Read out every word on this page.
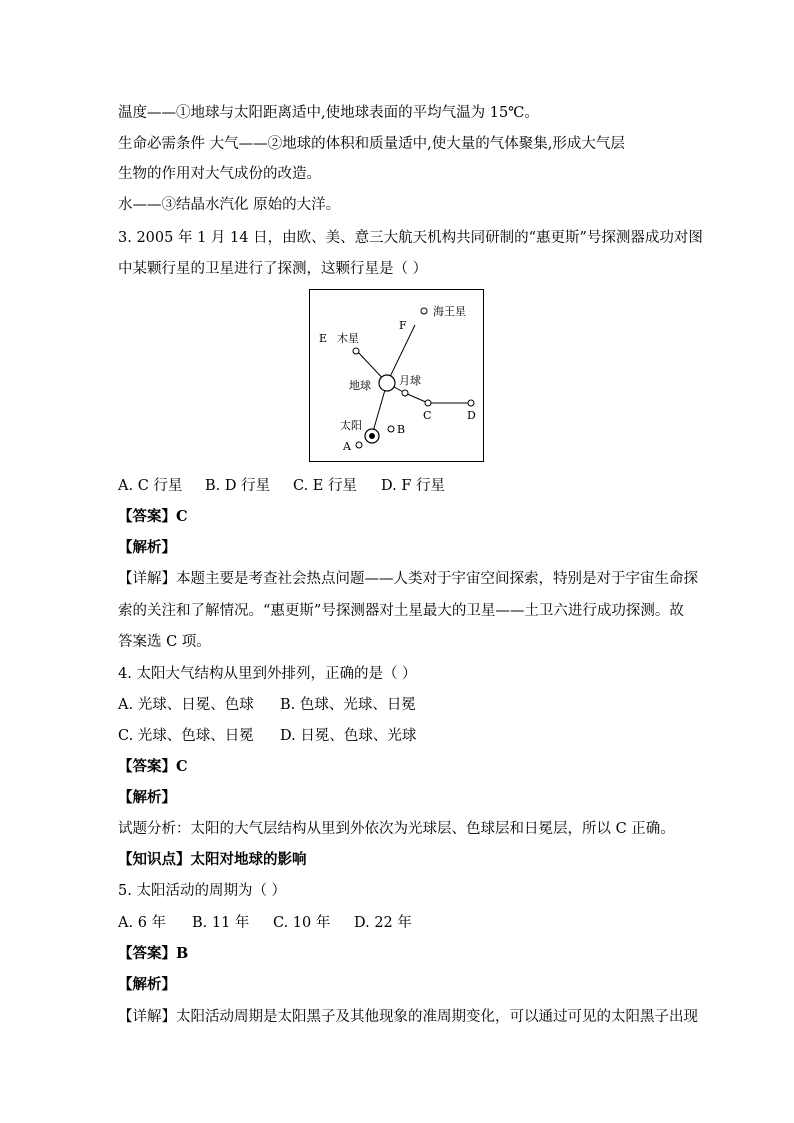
温度——①地球与太阳距离适中,使地球表面的平均气温为 15℃。
生命必需条件 大气——②地球的体积和质量适中,使大量的气体聚集,形成大气层
生物的作用对大气成份的改造。
水——③结晶水汽化 原始的大洋。
3. 2005 年 1 月 14 日，由欧、美、意三大航天机构共同研制的“惠更斯”号探测器成功对图
中某颗行星的卫星进行了探测，这颗行星是（ ）
海王星
F
E 木星
地球	月球
C	D
太阳	B
A
A. C 行星 B. D 行星 C. E 行星 D. F 行星
【答案】C
【解析】
【详解】本题主要是考查社会热点问题——人类对于宇宙空间探索，特别是对于宇宙生命探
索的关注和了解情况。“惠更斯”号探测器对土星最大的卫星——土卫六进行成功探测。故
答案选 C 项。
4. 太阳大气结构从里到外排列，正确的是（ ）
A. 光球、日冕、色球 B. 色球、光球、日冕
C. 光球、色球、日冕 D. 日冕、色球、光球
【答案】C
【解析】
试题分析：太阳的大气层结构从里到外依次为光球层、色球层和日冕层，所以 C 正确。
【知识点】太阳对地球的影响
5. 太阳活动的周期为（ ）
A. 6 年 B. 11 年 C. 10 年 D. 22 年
【答案】B
【解析】
【详解】太阳活动周期是太阳黑子及其他现象的准周期变化，可以通过可见的太阳黑子出现
